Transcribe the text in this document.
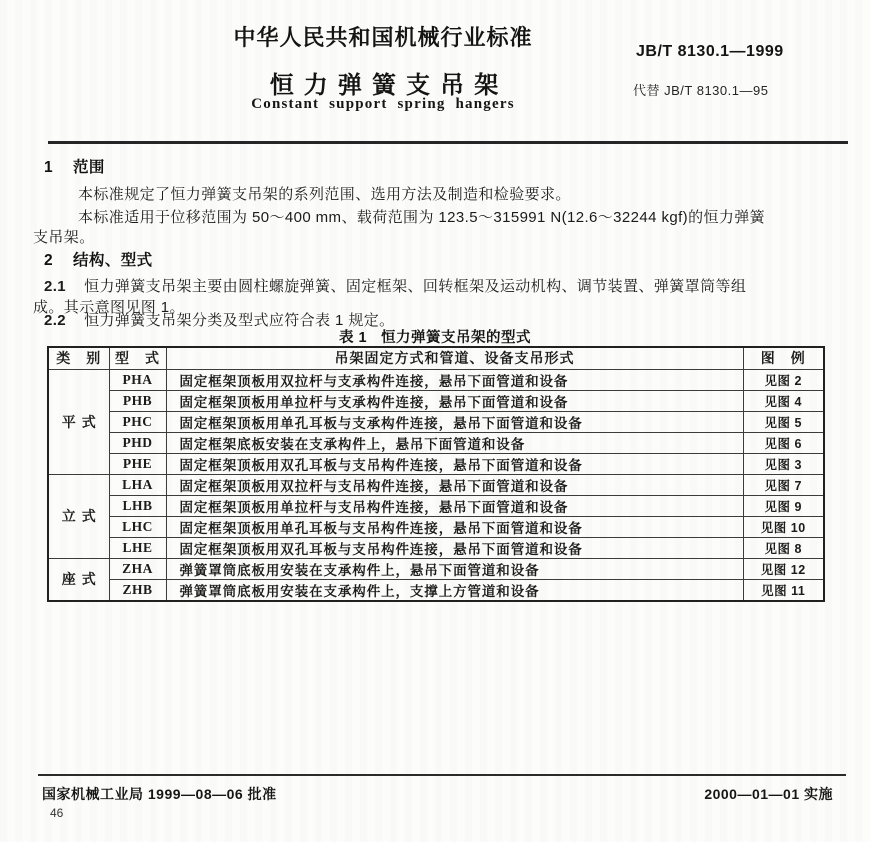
中华人民共和国机械行业标准
JB/T 8130.1—1999
恒力弹簧支吊架	代替 JB/T 8130.1—95
Constant support spring hangers
1 范围
本标准规定了恒力弹簧支吊架的系列范围、选用方法及制造和检验要求。
本标准适用于位移范围为 50～400 mm、载荷范围为 123.5～315991 N(12.6～32244 kgf)的恒力弹簧
支吊架。
2 结构、型式
2.1 恒力弹簧支吊架主要由圆柱螺旋弹簧、固定框架、回转框架及运动机构、调节装置、弹簧罩筒等组
成。其示意图见图 1。
2.2 恒力弹簧支吊架分类及型式应符合表 1 规定。
表 1 恒力弹簧支吊架的型式
类　别	型　式	吊架固定方式和管道、设备支吊形式	图　例
平式	PHA	固定框架顶板用双拉杆与支承构件连接，悬吊下面管道和设备	见图 2
	PHB	固定框架顶板用单拉杆与支承构件连接，悬吊下面管道和设备	见图 4
	PHC	固定框架顶板用单孔耳板与支承构件连接，悬吊下面管道和设备	见图 5
	PHD	固定框架底板安装在支承构件上，悬吊下面管道和设备	见图 6
	PHE	固定框架顶板用双孔耳板与支吊构件连接，悬吊下面管道和设备	见图 3
立式	LHA	固定框架顶板用双拉杆与支吊构件连接，悬吊下面管道和设备	见图 7
	LHB	固定框架顶板用单拉杆与支吊构件连接，悬吊下面管道和设备	见图 9
	LHC	固定框架顶板用单孔耳板与支吊构件连接，悬吊下面管道和设备	见图 10
	LHE	固定框架顶板用双孔耳板与支吊构件连接，悬吊下面管道和设备	见图 8
座式	ZHA	弹簧罩筒底板用安装在支承构件上，悬吊下面管道和设备	见图 12
	ZHB	弹簧罩筒底板用安装在支承构件上，支撑上方管道和设备	见图 11
国家机械工业局 1999—08—06 批准	2000—01—01 实施
46
